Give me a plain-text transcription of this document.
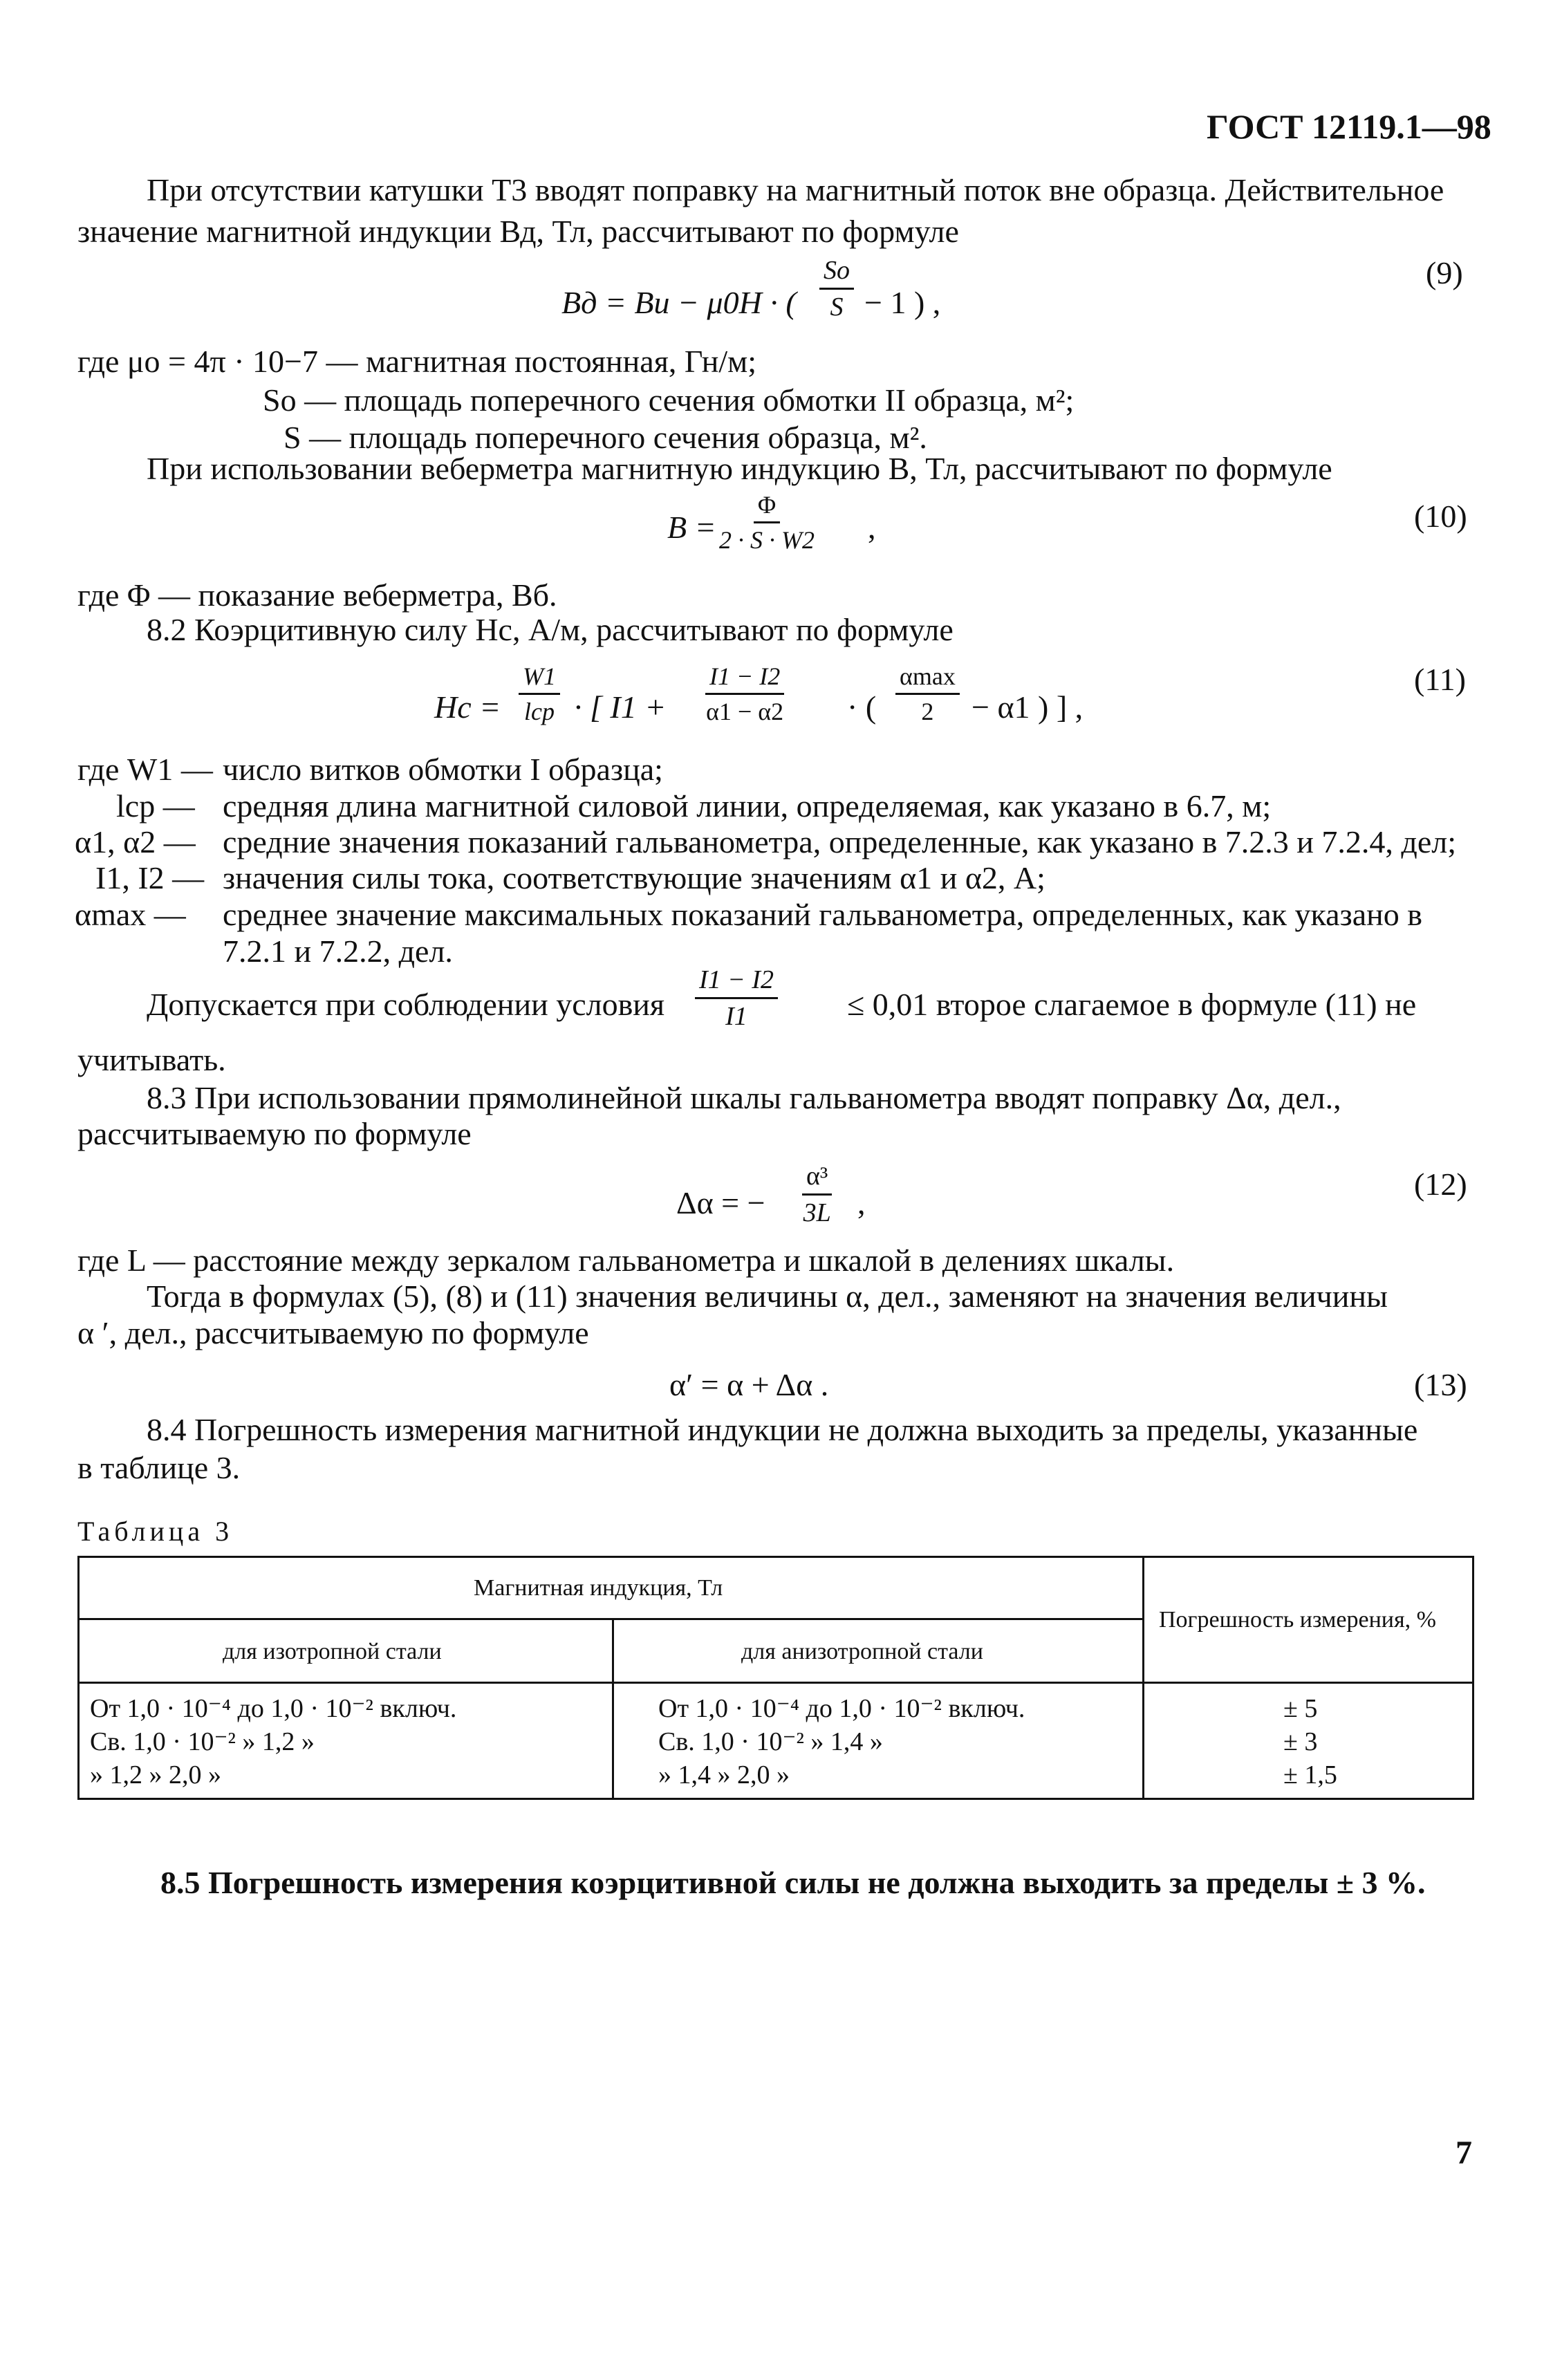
ГОСТ 12119.1—98
При отсутствии катушки Т3 вводят поправку на магнитный поток вне образца. Действительное
значение магнитной индукции Вд, Тл, рассчитывают по формуле
Bд = Bи − μ0H · ( $\frac{So}{S} - 1$ ) ,
(9)
где μо = 4π · 10−7 — магнитная постоянная, Гн/м;
So — площадь поперечного сечения обмотки II образца, м²;
S — площадь поперечного сечения образца, м².
При использовании веберметра магнитную индукцию B, Тл, рассчитывают по формуле
$B = \frac{\Phi}{2 \cdot S \cdot W2}$ ,	(10)
где Φ — показание веберметра, Вб.
8.2 Коэрцитивную силу Hc, А/м, рассчитывают по формуле
Hc =
W1
lср · [ $I1 + \frac{I1 - I2}{\alpha 1 - \alpha 2}$ · (
αmax
2 − α1 ) ] ,
(11)
где W1 — число витков обмотки I образца;
lср — средняя длина магнитной силовой линии, определяемая, как указано в 6.7, м;
α1, α2 — средние значения показаний гальванометра, определенные, как указано в 7.2.3 и 7.2.4, дел;
I1, I2 — значения силы тока, соответствующие значениям α1 и α2, А;
αmax — среднее значение максимальных показаний гальванометра, определенных, как указано в
7.2.1 и 7.2.2, дел.
Допускается при соблюдении условия $\frac{I1 - I2}{I1} \le 0,01$ второе слагаемое в формуле (11) не
учитывать.
8.3 При использовании прямолинейной шкалы гальванометра вводят поправку Δα, дел.,
рассчитываемую по формуле
Δα = − $\frac{\text{α³}}{3L}$ ,
(12)
где L — расстояние между зеркалом гальванометра и шкалой в делениях шкалы.
Тогда в формулах (5), (8) и (11) значения величины α, дел., заменяют на значения величины
α ′, дел., рассчитываемую по формуле
α′ = α + Δα .	(13)
8.4 Погрешность измерения магнитной индукции не должна выходить за пределы, указанные
в таблице 3.
Таблица 3
Магнитная индукция, Тл
для изотропной стали	для анизотропной стали
Погрешность измерения, %
От 1,0 · 10⁻⁴ до 1,0 · 10⁻² включ.	От 1,0 · 10⁻⁴ до 1,0 · 10⁻² включ.	± 5
Св. 1,0 · 10⁻² » 1,2 »	Св. 1,0 · 10⁻² » 1,4 »	± 3
» 1,2 » 2,0 »	» 1,4 » 2,0 »	± 1,5
8.5 Погрешность измерения коэрцитивной силы не должна выходить за пределы ± 3 %.
7
